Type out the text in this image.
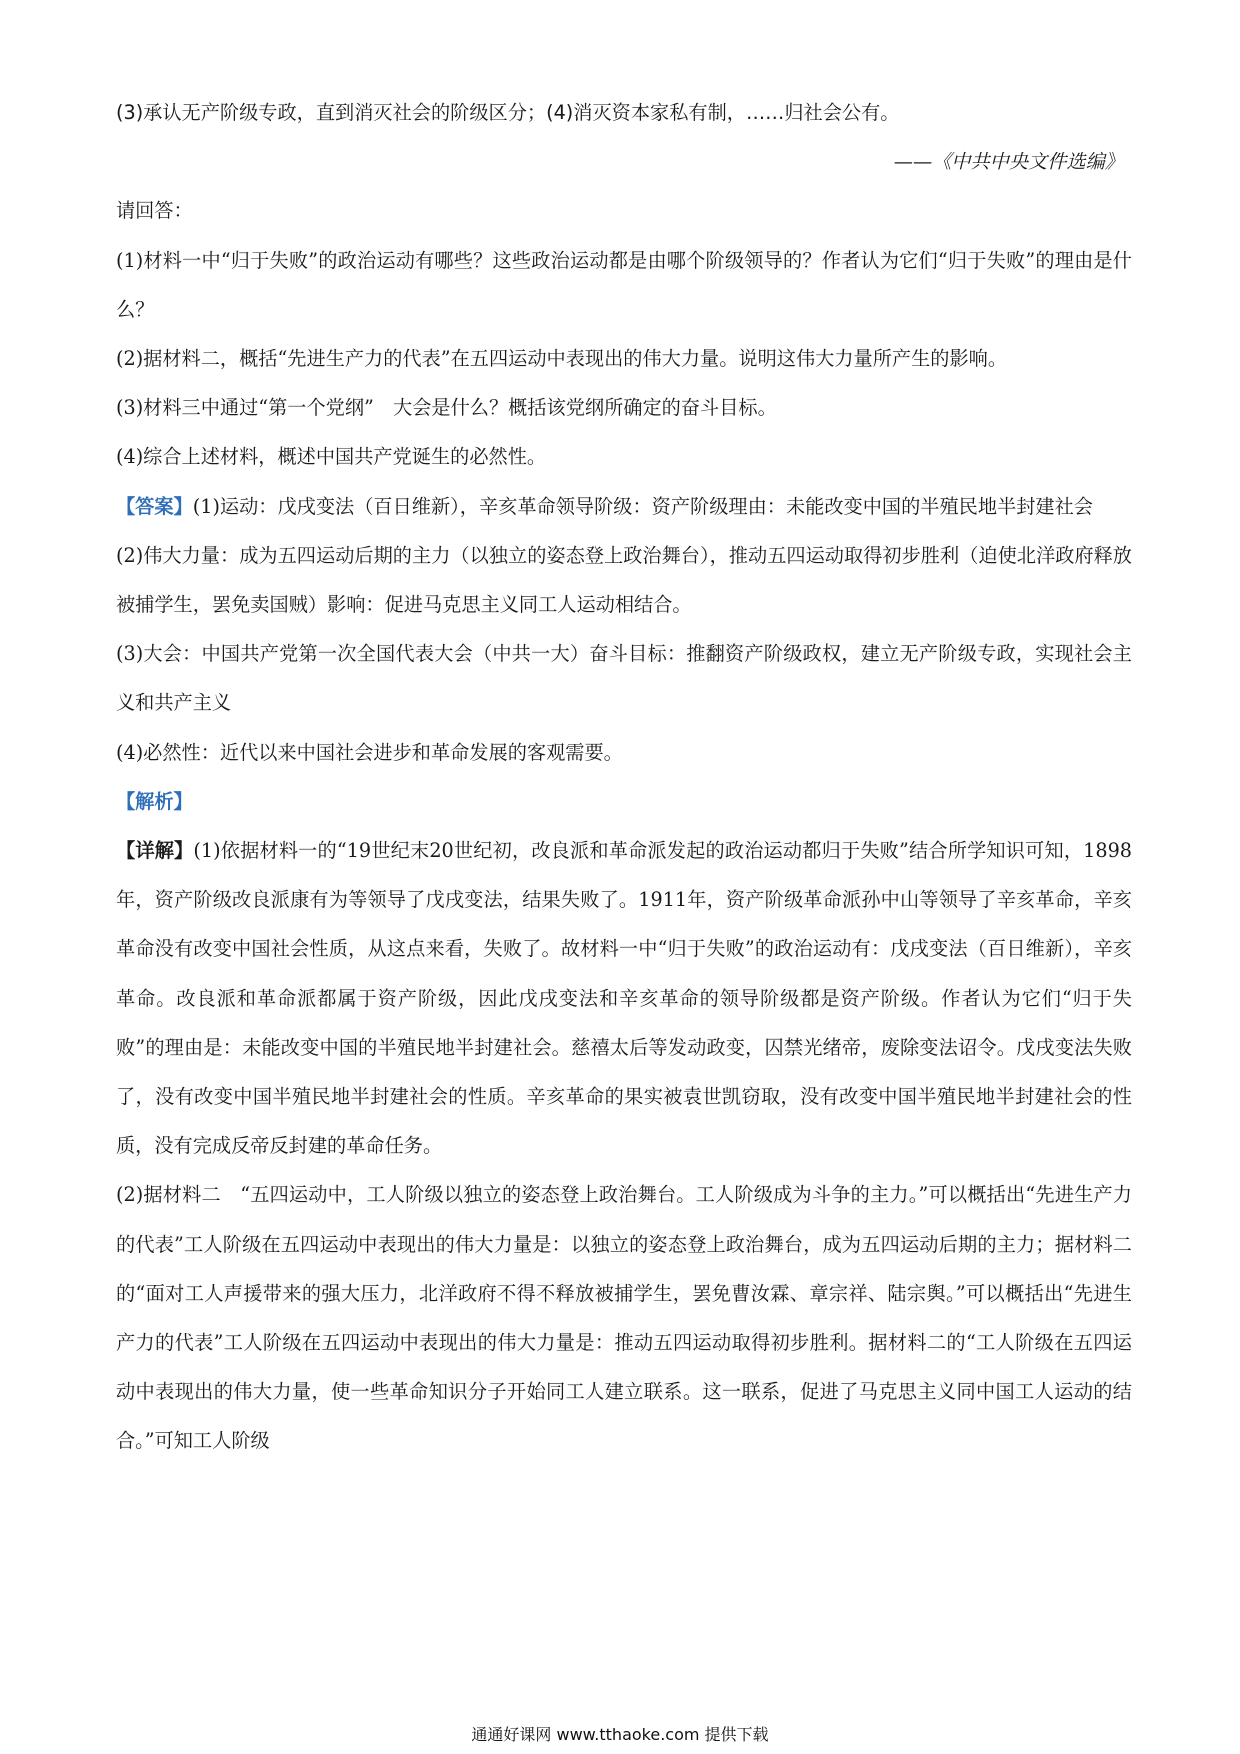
(3)承认无产阶级专政，直到消灭社会的阶级区分；(4)消灭资本家私有制，……归社会公有。

——《中共中央文件选编》

请回答：

(1)材料一中“归于失败”的政治运动有哪些？这些政治运动都是由哪个阶级领导的？作者认为它们“归于失败”的理由是什么？

(2)据材料二，概括“先进生产力的代表”在五四运动中表现出的伟大力量。说明这伟大力量所产生的影响。

(3)材料三中通过“第一个党纲”　大会是什么？概括该党纲所确定的奋斗目标。

(4)综合上述材料，概述中国共产党诞生的必然性。

【答案】(1)运动：戊戌变法（百日维新），辛亥革命领导阶级：资产阶级理由：未能改变中国的半殖民地半封建社会

(2)伟大力量：成为五四运动后期的主力（以独立的姿态登上政治舞台），推动五四运动取得初步胜利（迫使北洋政府释放被捕学生，罢免卖国贼）影响：促进马克思主义同工人运动相结合。

(3)大会：中国共产党第一次全国代表大会（中共一大）奋斗目标：推翻资产阶级政权，建立无产阶级专政，实现社会主义和共产主义

(4)必然性：近代以来中国社会进步和革命发展的客观需要。

【解析】

【详解】(1)依据材料一的“19世纪末20世纪初，改良派和革命派发起的政治运动都归于失败”结合所学知识可知，1898年，资产阶级改良派康有为等领导了戊戌变法，结果失败了。1911年，资产阶级革命派孙中山等领导了辛亥革命，辛亥革命没有改变中国社会性质，从这点来看，失败了。故材料一中“归于失败”的政治运动有：戊戌变法（百日维新），辛亥革命。改良派和革命派都属于资产阶级，因此戊戌变法和辛亥革命的领导阶级都是资产阶级。作者认为它们“归于失败”的理由是：未能改变中国的半殖民地半封建社会。慈禧太后等发动政变，囚禁光绪帝，废除变法诏令。戊戌变法失败了，没有改变中国半殖民地半封建社会的性质。辛亥革命的果实被袁世凯窃取，没有改变中国半殖民地半封建社会的性质，没有完成反帝反封建的革命任务。

(2)据材料二　“五四运动中，工人阶级以独立的姿态登上政治舞台。工人阶级成为斗争的主力。”可以概括出“先进生产力的代表”工人阶级在五四运动中表现出的伟大力量是：以独立的姿态登上政治舞台，成为五四运动后期的主力；据材料二的“面对工人声援带来的强大压力，北洋政府不得不释放被捕学生，罢免曹汝霖、章宗祥、陆宗舆。”可以概括出“先进生产力的代表”工人阶级在五四运动中表现出的伟大力量是：推动五四运动取得初步胜利。据材料二的“工人阶级在五四运动中表现出的伟大力量，使一些革命知识分子开始同工人建立联系。这一联系，促进了马克思主义同中国工人运动的结合。”可知工人阶级

通通好课网 www.tthaoke.com 提供下载
